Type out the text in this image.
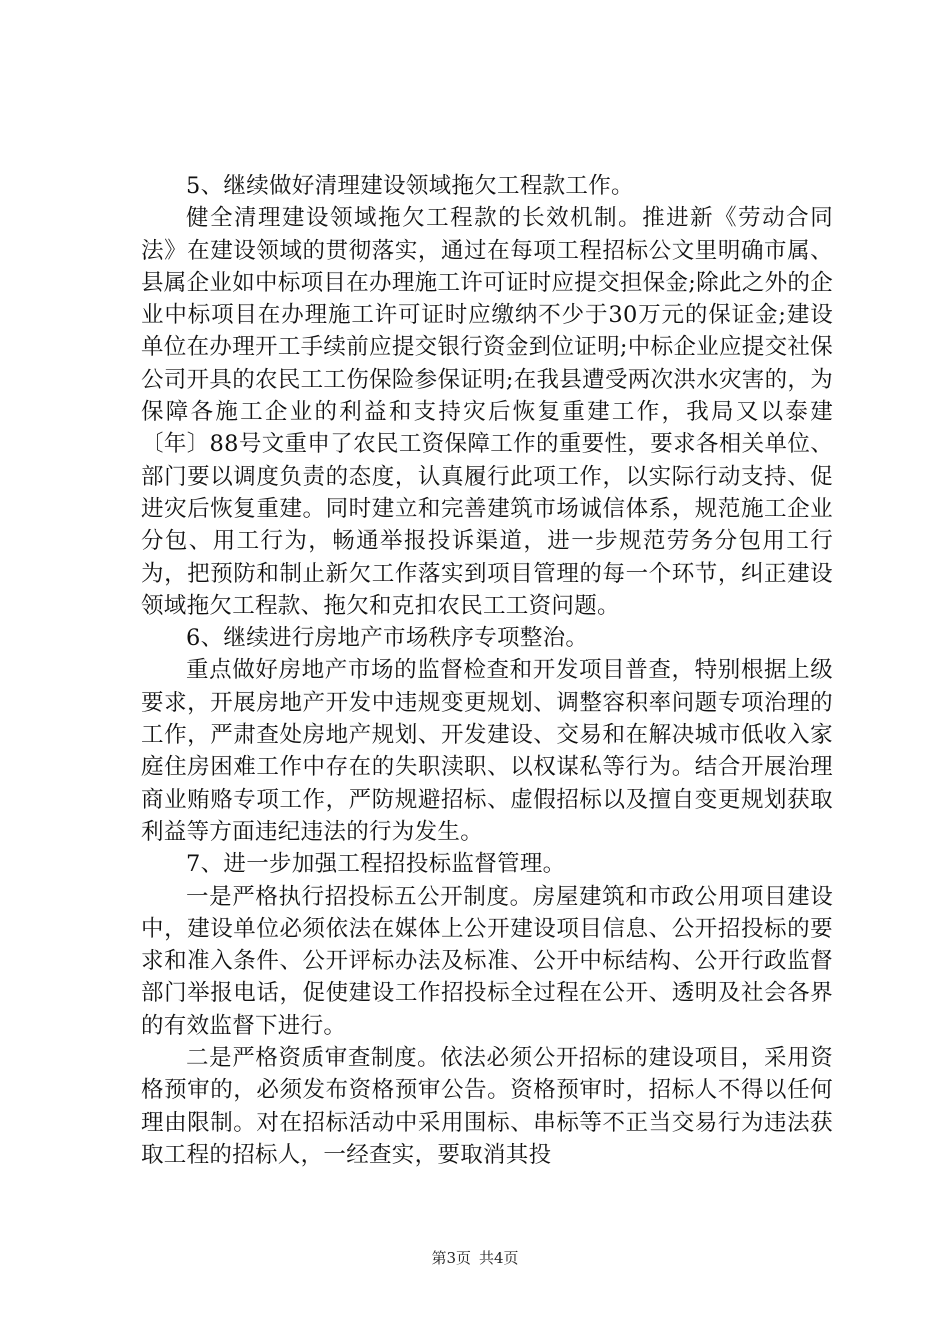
5、继续做好清理建设领域拖欠工程款工作。

健全清理建设领域拖欠工程款的长效机制。推进新《劳动合同法》在建设领域的贯彻落实，通过在每项工程招标公文里明确市属、县属企业如中标项目在办理施工许可证时应提交担保金;除此之外的企业中标项目在办理施工许可证时应缴纳不少于30万元的保证金;建设单位在办理开工手续前应提交银行资金到位证明;中标企业应提交社保公司开具的农民工工伤保险参保证明;在我县遭受两次洪水灾害的，为保障各施工企业的利益和支持灾后恢复重建工作，我局又以泰建〔年〕88号文重申了农民工资保障工作的重要性，要求各相关单位、部门要以调度负责的态度，认真履行此项工作，以实际行动支持、促进灾后恢复重建。同时建立和完善建筑市场诚信体系，规范施工企业分包、用工行为，畅通举报投诉渠道，进一步规范劳务分包用工行为，把预防和制止新欠工作落实到项目管理的每一个环节，纠正建设领域拖欠工程款、拖欠和克扣农民工工资问题。

6、继续进行房地产市场秩序专项整治。

重点做好房地产市场的监督检查和开发项目普查，特别根据上级要求，开展房地产开发中违规变更规划、调整容积率问题专项治理的工作，严肃查处房地产规划、开发建设、交易和在解决城市低收入家庭住房困难工作中存在的失职渎职、以权谋私等行为。结合开展治理商业贿赂专项工作，严防规避招标、虚假招标以及擅自变更规划获取利益等方面违纪违法的行为发生。

7、进一步加强工程招投标监督管理。

一是严格执行招投标五公开制度。房屋建筑和市政公用项目建设中，建设单位必须依法在媒体上公开建设项目信息、公开招投标的要求和准入条件、公开评标办法及标准、公开中标结构、公开行政监督部门举报电话，促使建设工作招投标全过程在公开、透明及社会各界的有效监督下进行。

二是严格资质审查制度。依法必须公开招标的建设项目，采用资格预审的，必须发布资格预审公告。资格预审时，招标人不得以任何理由限制。对在招标活动中采用围标、串标等不正当交易行为违法获取工程的招标人，一经查实，要取消其投

第3页 共4页
